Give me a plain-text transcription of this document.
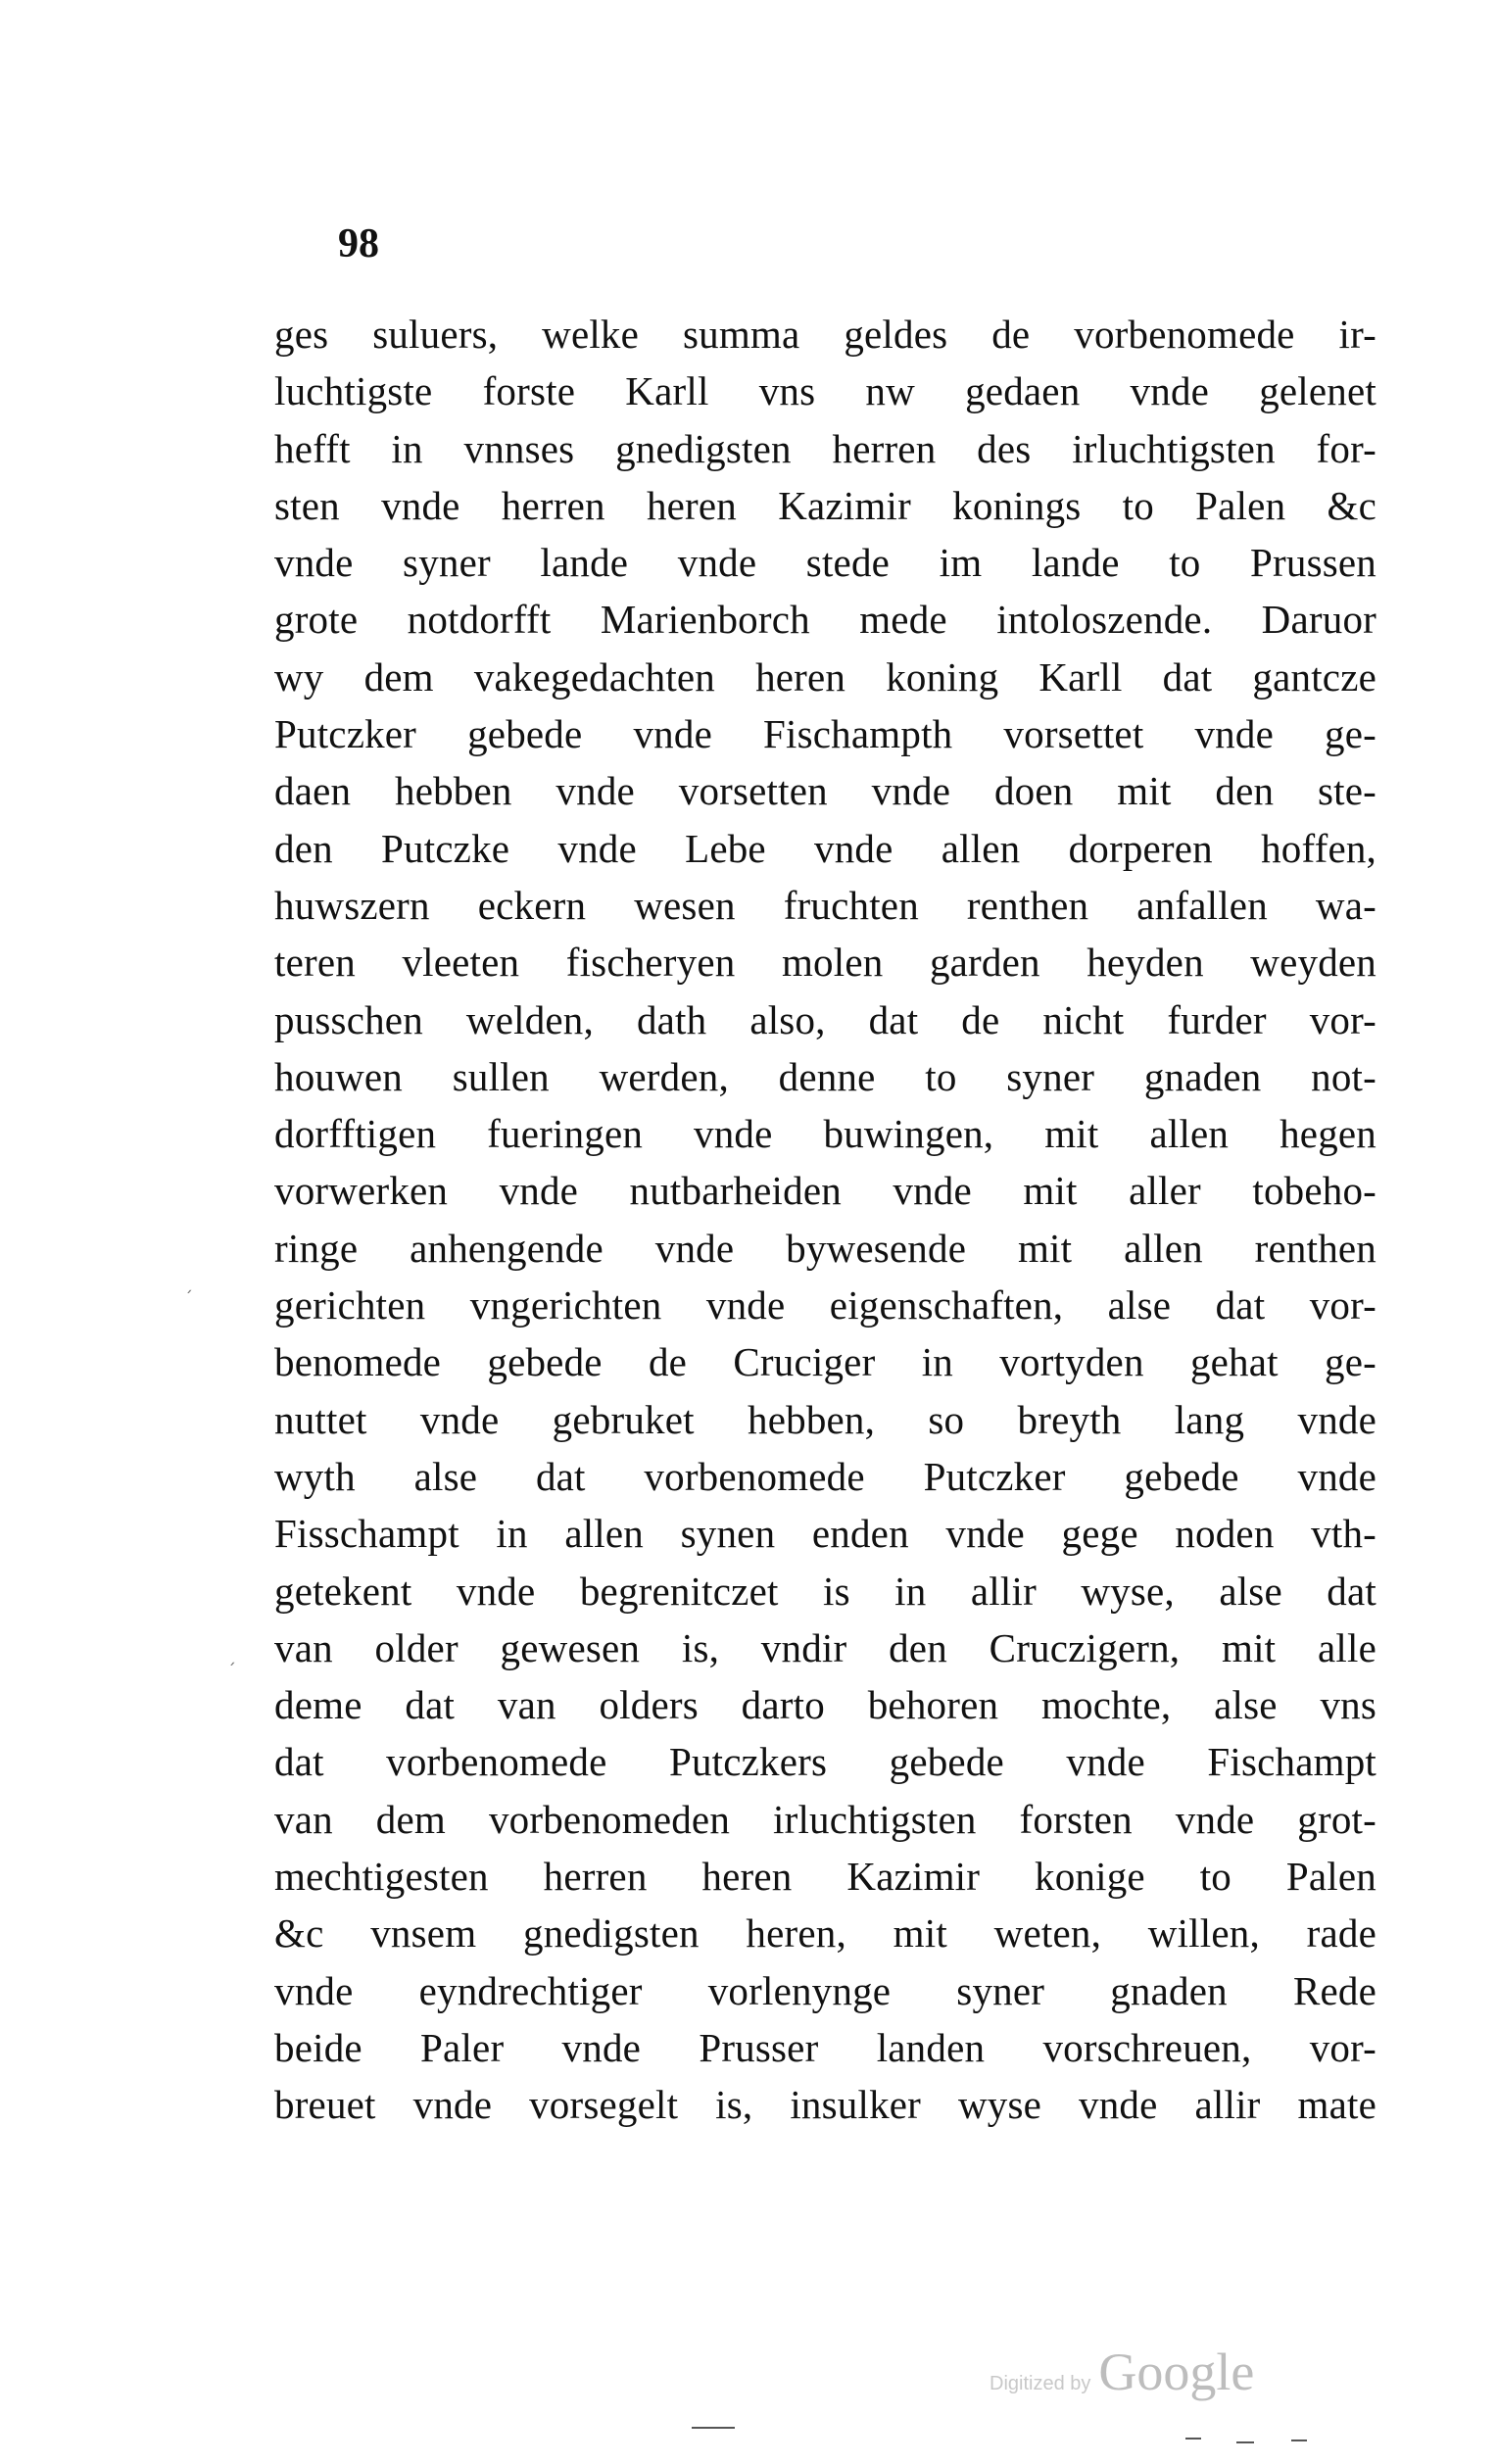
98
ges suluers, welke summa geldes de vorbenomede ir-
luchtigste forste Karll vns nw gedaen vnde gelenet
hefft in vnnses gnedigsten herren des irluchtigsten for-
sten vnde herren heren Kazimir konings to Palen &c
vnde syner lande vnde stede im lande to Prussen
grote notdorfft Marienborch mede intoloszende. Daruor
wy dem vakegedachten heren koning Karll dat gantcze
Putczker gebede vnde Fischampth vorsettet vnde ge-
daen hebben vnde vorsetten vnde doen mit den ste-
den Putczke vnde Lebe vnde allen dorperen hoffen,
huwszern eckern wesen fruchten renthen anfallen wa-
teren vleeten fischeryen molen garden heyden weyden
pusschen welden, dath also, dat de nicht furder vor-
houwen sullen werden, denne to syner gnaden not-
dorfftigen fueringen vnde buwingen, mit allen hegen
vorwerken vnde nutbarheiden vnde mit aller tobeho-
ringe anhengende vnde bywesende mit allen renthen
gerichten vngerichten vnde eigenschaften, alse dat vor-
benomede gebede de Cruciger in vortyden gehat ge-
nuttet vnde gebruket hebben, so breyth lang vnde
wyth alse dat vorbenomede Putczker gebede vnde
Fisschampt in allen synen enden vnde gege noden vth-
getekent vnde begrenitczet is in allir wyse, alse dat
van older gewesen is, vndir den Cruczigern, mit alle
deme dat van olders darto behoren mochte, alse vns
dat vorbenomede Putczkers gebede vnde Fischampt
van dem vorbenomeden irluchtigsten forsten vnde grot-
mechtigesten herren heren Kazimir konige to Palen
&c vnsem gnedigsten heren, mit weten, willen, rade
vnde eyndrechtiger vorlenynge syner gnaden Rede
beide Paler vnde Prusser landen vorschreuen, vor-
breuet vnde vorsegelt is, insulker wyse vnde allir mate
ˊ
ˏ
Digitized by Google
